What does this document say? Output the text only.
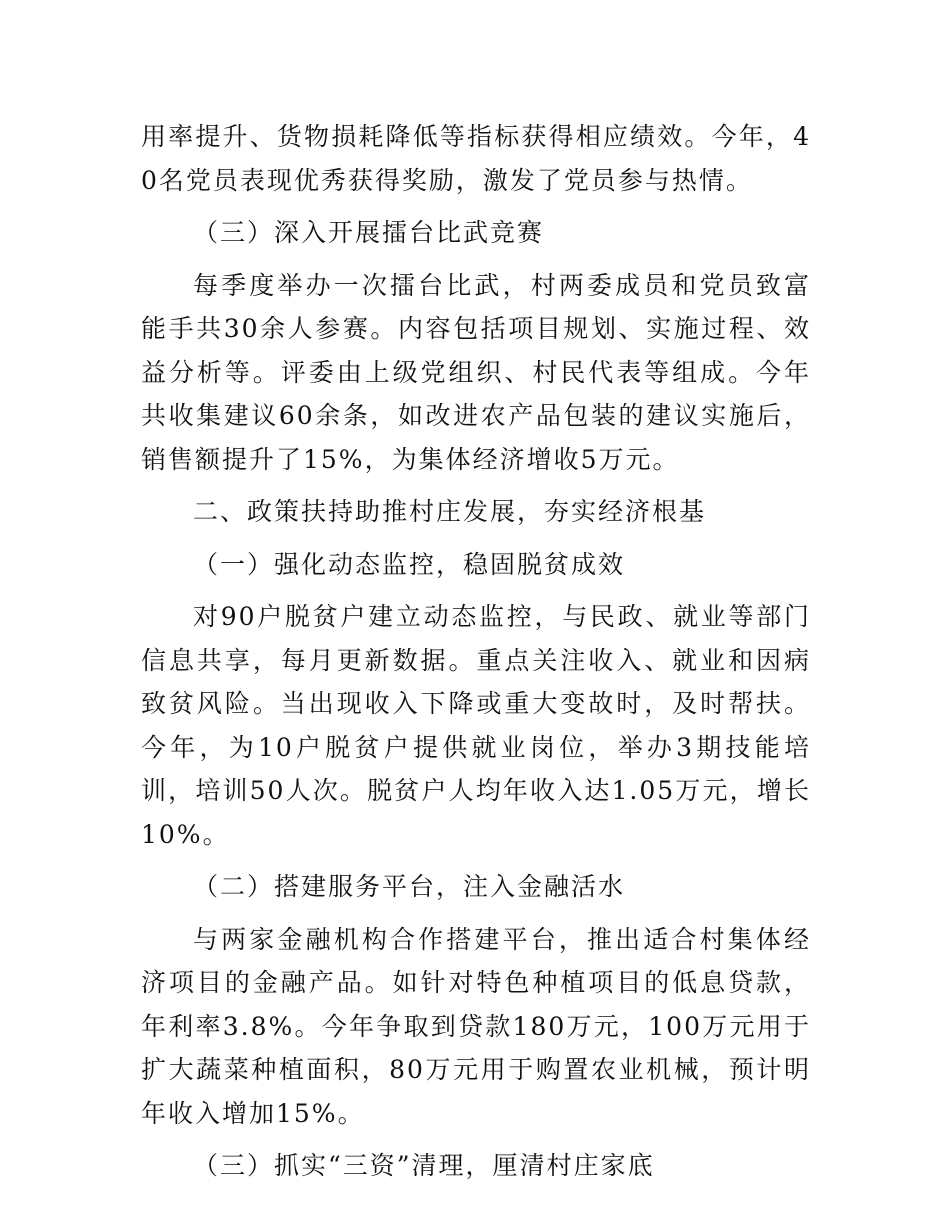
用率提升、货物损耗降低等指标获得相应绩效。今年，40名党员表现优秀获得奖励，激发了党员参与热情。

（三）深入开展擂台比武竞赛

每季度举办一次擂台比武，村两委成员和党员致富能手共30余人参赛。内容包括项目规划、实施过程、效益分析等。评委由上级党组织、村民代表等组成。今年共收集建议60余条，如改进农产品包装的建议实施后，销售额提升了15%，为集体经济增收5万元。

二、政策扶持助推村庄发展，夯实经济根基

（一）强化动态监控，稳固脱贫成效

对90户脱贫户建立动态监控，与民政、就业等部门信息共享，每月更新数据。重点关注收入、就业和因病致贫风险。当出现收入下降或重大变故时，及时帮扶。今年，为10户脱贫户提供就业岗位，举办3期技能培训，培训50人次。脱贫户人均年收入达1.05万元，增长10%。

（二）搭建服务平台，注入金融活水

与两家金融机构合作搭建平台，推出适合村集体经济项目的金融产品。如针对特色种植项目的低息贷款，年利率3.8%。今年争取到贷款180万元，100万元用于扩大蔬菜种植面积，80万元用于购置农业机械，预计明年收入增加15%。

（三）抓实“三资”清理，厘清村庄家底
